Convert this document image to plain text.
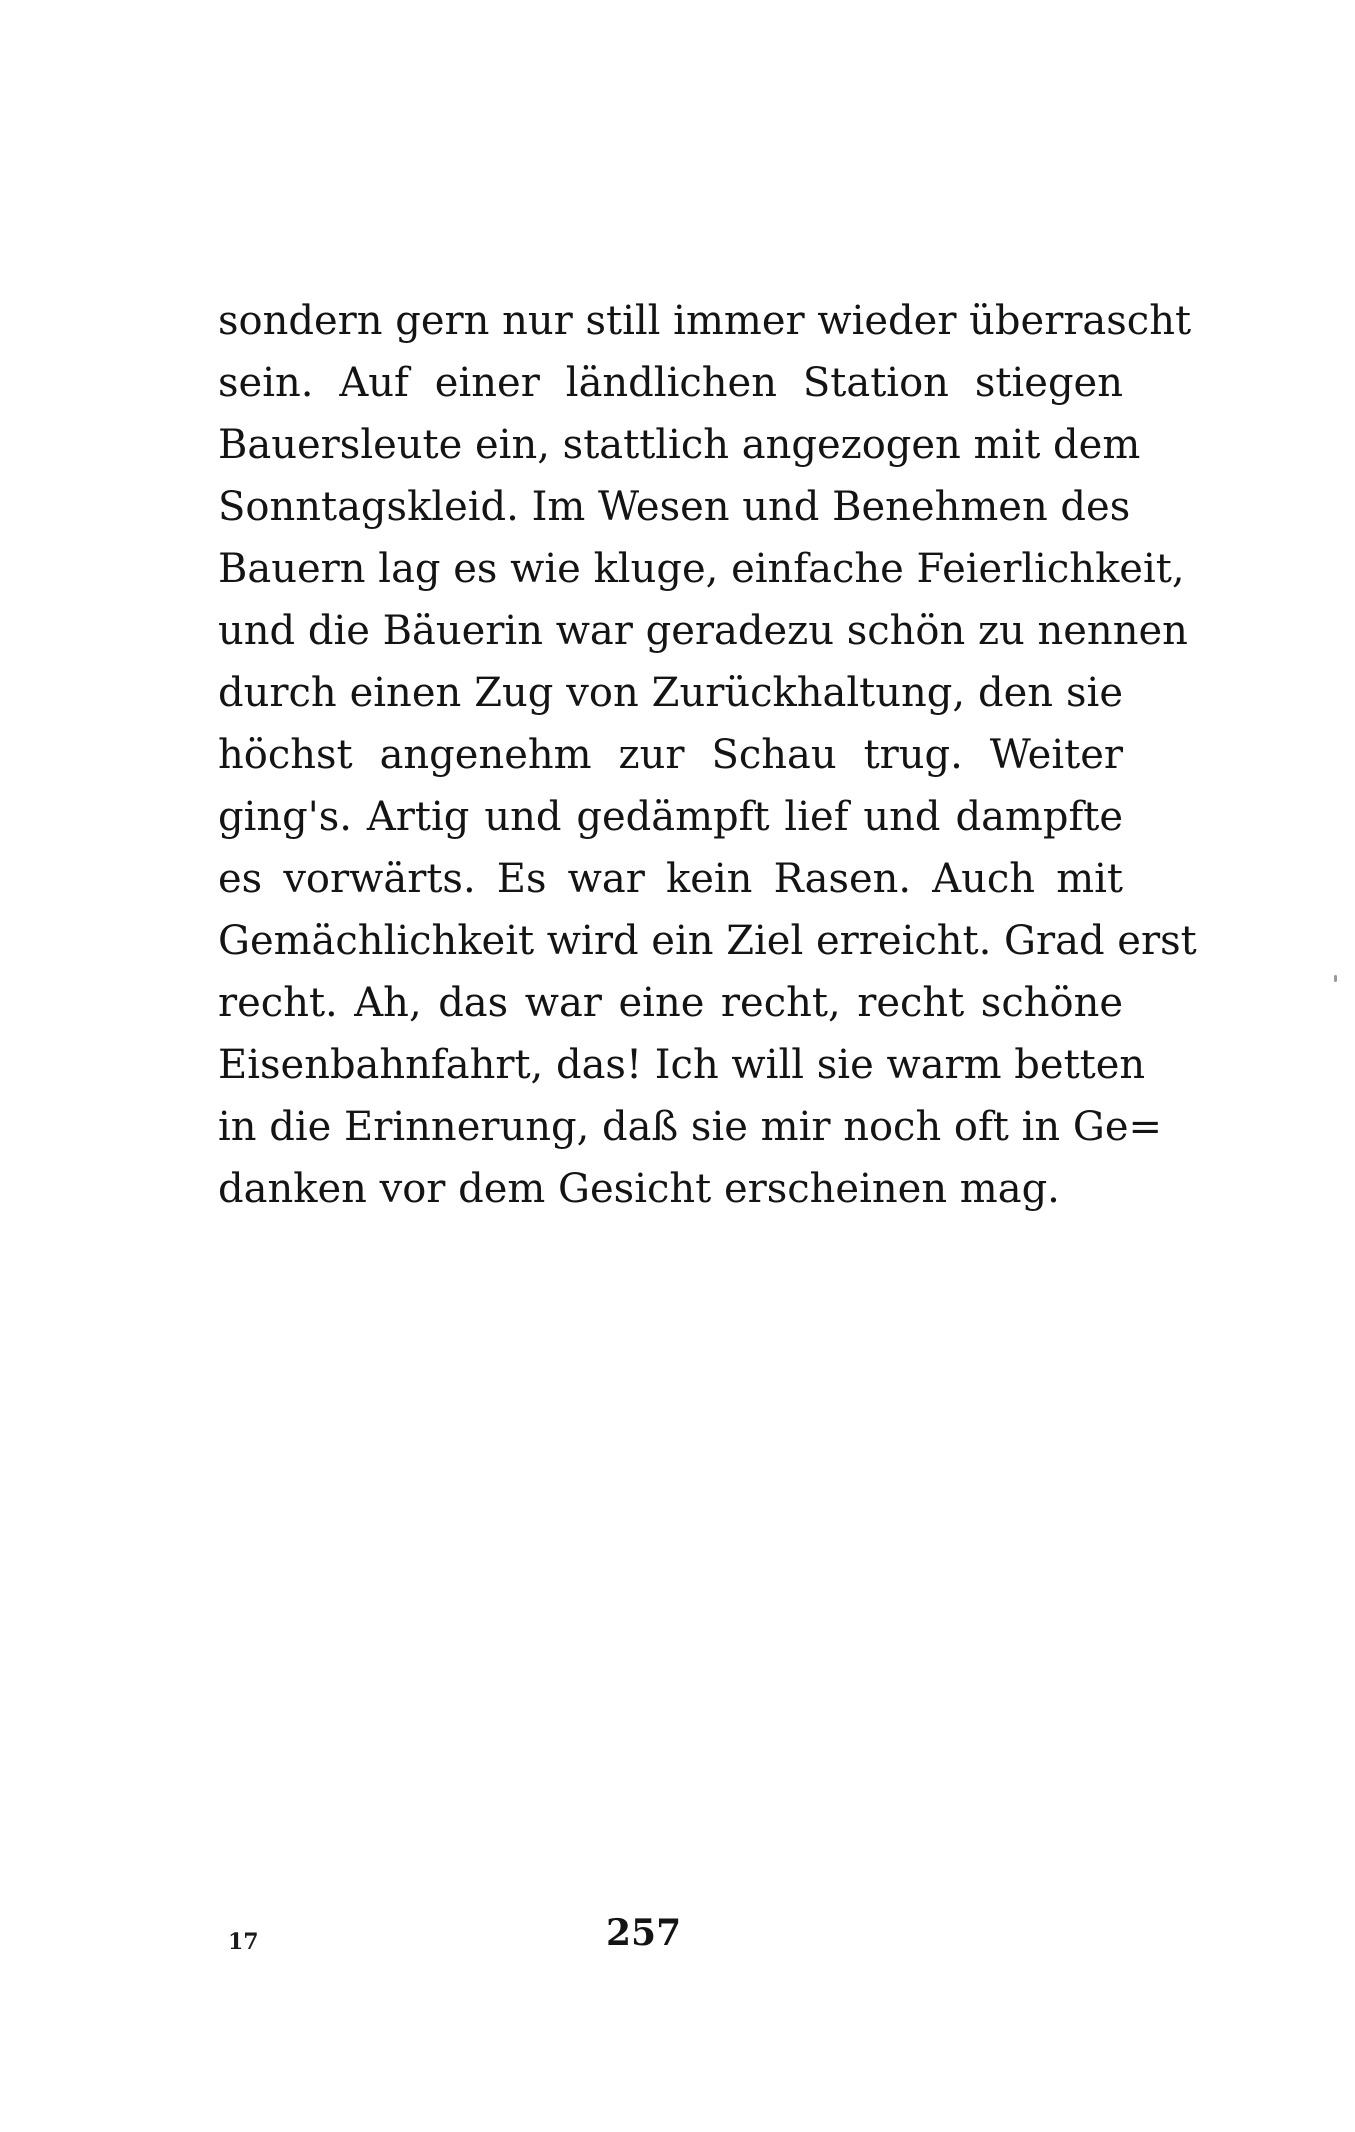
sondern gern nur still immer wieder überrascht
sein. Auf einer ländlichen Station stiegen
Bauersleute ein, stattlich angezogen mit dem
Sonntagskleid. Im Wesen und Benehmen des
Bauern lag es wie kluge, einfache Feierlichkeit,
und die Bäuerin war geradezu schön zu nennen
durch einen Zug von Zurückhaltung, den sie
höchst angenehm zur Schau trug. Weiter
ging's. Artig und gedämpft lief und dampfte
es vorwärts. Es war kein Rasen. Auch mit
Gemächlichkeit wird ein Ziel erreicht. Grad erst
recht. Ah, das war eine recht, recht schöne
Eisenbahnfahrt, das! Ich will sie warm betten
in die Erinnerung, daß sie mir noch oft in Ge=
danken vor dem Gesicht erscheinen mag.
17	257
